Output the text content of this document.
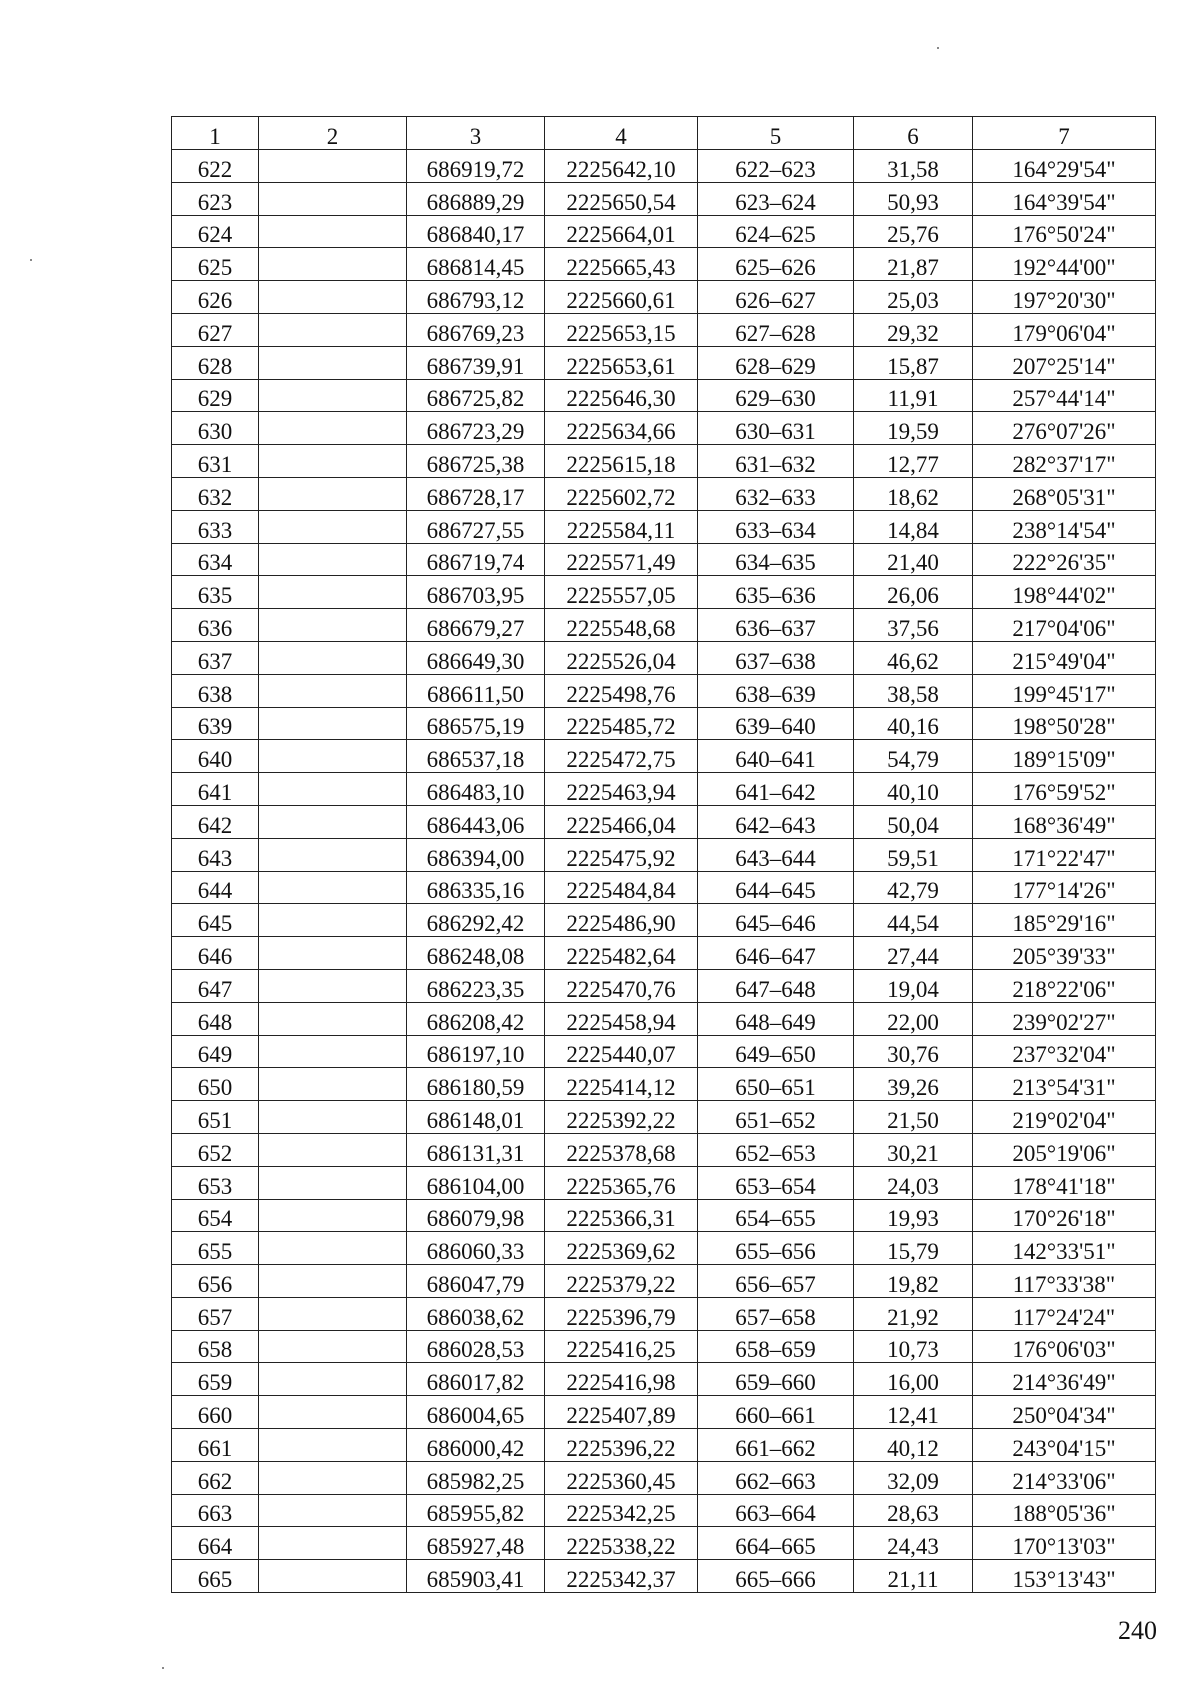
1	2	3	4	5	6	7
622		686919,72	2225642,10	622–623	31,58	164°29'54"
623		686889,29	2225650,54	623–624	50,93	164°39'54"
624		686840,17	2225664,01	624–625	25,76	176°50'24"
625		686814,45	2225665,43	625–626	21,87	192°44'00"
626		686793,12	2225660,61	626–627	25,03	197°20'30"
627		686769,23	2225653,15	627–628	29,32	179°06'04"
628		686739,91	2225653,61	628–629	15,87	207°25'14"
629		686725,82	2225646,30	629–630	11,91	257°44'14"
630		686723,29	2225634,66	630–631	19,59	276°07'26"
631		686725,38	2225615,18	631–632	12,77	282°37'17"
632		686728,17	2225602,72	632–633	18,62	268°05'31"
633		686727,55	2225584,11	633–634	14,84	238°14'54"
634		686719,74	2225571,49	634–635	21,40	222°26'35"
635		686703,95	2225557,05	635–636	26,06	198°44'02"
636		686679,27	2225548,68	636–637	37,56	217°04'06"
637		686649,30	2225526,04	637–638	46,62	215°49'04"
638		686611,50	2225498,76	638–639	38,58	199°45'17"
639		686575,19	2225485,72	639–640	40,16	198°50'28"
640		686537,18	2225472,75	640–641	54,79	189°15'09"
641		686483,10	2225463,94	641–642	40,10	176°59'52"
642		686443,06	2225466,04	642–643	50,04	168°36'49"
643		686394,00	2225475,92	643–644	59,51	171°22'47"
644		686335,16	2225484,84	644–645	42,79	177°14'26"
645		686292,42	2225486,90	645–646	44,54	185°29'16"
646		686248,08	2225482,64	646–647	27,44	205°39'33"
647		686223,35	2225470,76	647–648	19,04	218°22'06"
648		686208,42	2225458,94	648–649	22,00	239°02'27"
649		686197,10	2225440,07	649–650	30,76	237°32'04"
650		686180,59	2225414,12	650–651	39,26	213°54'31"
651		686148,01	2225392,22	651–652	21,50	219°02'04"
652		686131,31	2225378,68	652–653	30,21	205°19'06"
653		686104,00	2225365,76	653–654	24,03	178°41'18"
654		686079,98	2225366,31	654–655	19,93	170°26'18"
655		686060,33	2225369,62	655–656	15,79	142°33'51"
656		686047,79	2225379,22	656–657	19,82	117°33'38"
657		686038,62	2225396,79	657–658	21,92	117°24'24"
658		686028,53	2225416,25	658–659	10,73	176°06'03"
659		686017,82	2225416,98	659–660	16,00	214°36'49"
660		686004,65	2225407,89	660–661	12,41	250°04'34"
661		686000,42	2225396,22	661–662	40,12	243°04'15"
662		685982,25	2225360,45	662–663	32,09	214°33'06"
663		685955,82	2225342,25	663–664	28,63	188°05'36"
664		685927,48	2225338,22	664–665	24,43	170°13'03"
665		685903,41	2225342,37	665–666	21,11	153°13'43"
240
